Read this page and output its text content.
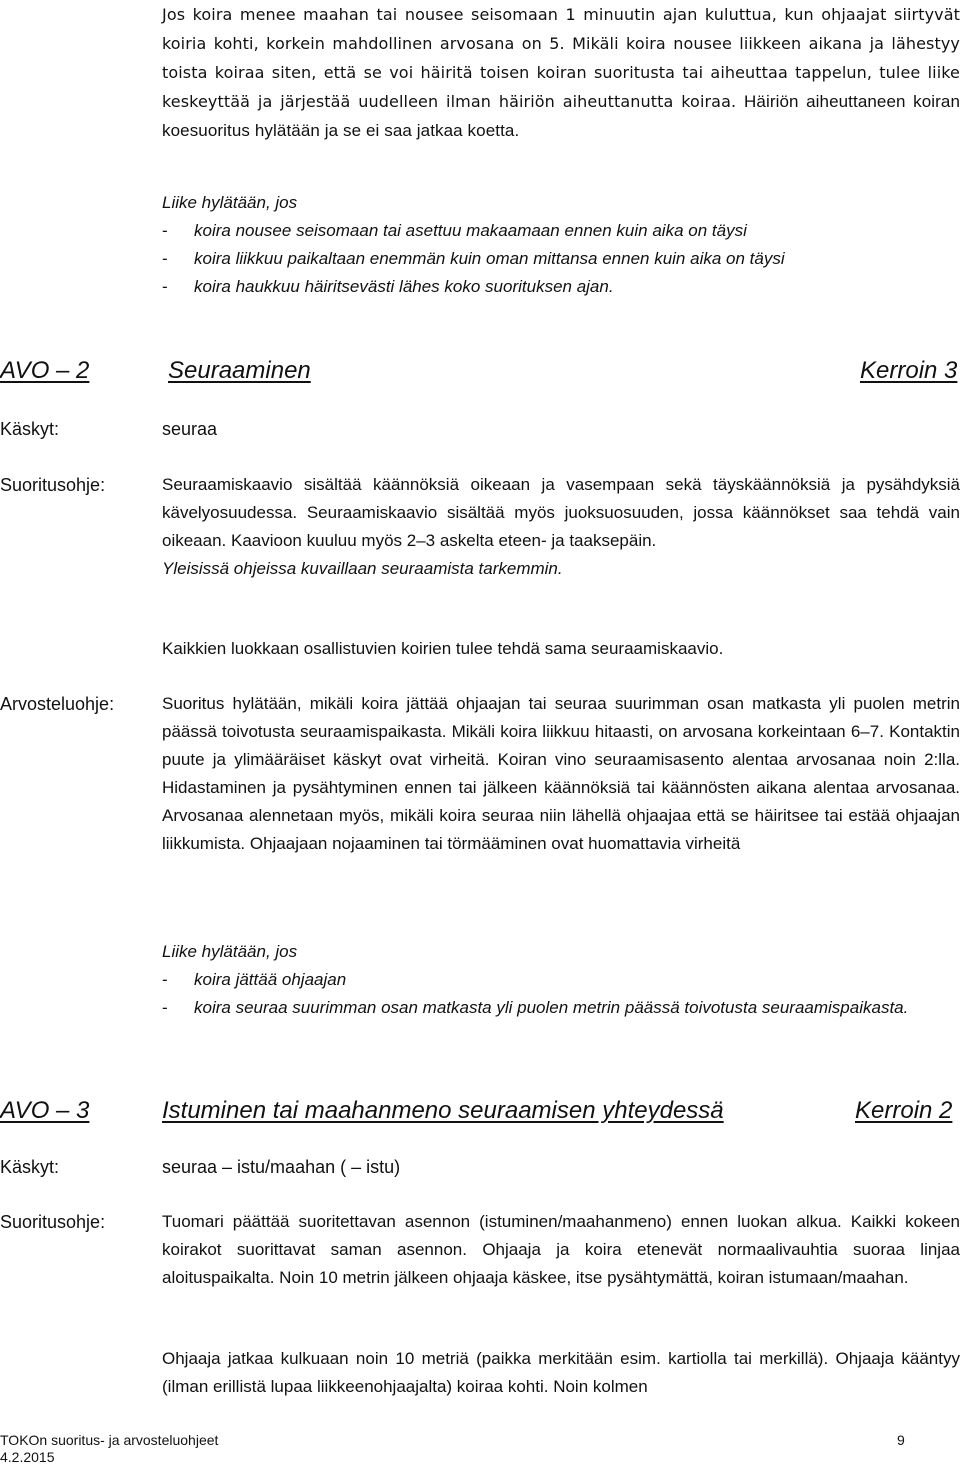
Jos koira menee maahan tai nousee seisomaan 1 minuutin ajan kuluttua, kun ohjaajat siirtyvät koiria kohti, korkein mahdollinen arvosana on 5. Mikäli koira nousee liikkeen aikana ja lähestyy toista koiraa siten, että se voi häiritä toisen koiran suoritusta tai aiheuttaa tappelun, tulee liike keskeyttää ja järjestää uudelleen ilman häiriön aiheuttanutta koiraa. Häiriön aiheuttaneen koiran koesuoritus hylätään ja se ei saa jatkaa koetta.
Liike hylätään, jos
- koira nousee seisomaan tai asettuu makaamaan ennen kuin aika on täysi
- koira liikkuu paikaltaan enemmän kuin oman mittansa ennen kuin aika on täysi
- koira haukkuu häiritsevästi lähes koko suorituksen ajan.
AVO – 2	Seuraaminen	Kerroin 3
Käskyt:	seuraa
Suoritusohje:	Seuraamiskaavio sisältää käännöksiä oikeaan ja vasempaan sekä täyskäännöksiä ja pysähdyksiä kävelyosuudessa. Seuraamiskaavio sisältää myös juoksuosuuden, jossa käännökset saa tehdä vain oikeaan. Kaavioon kuuluu myös 2–3 askelta eteen- ja taaksepäin.
Yleisissä ohjeissa kuvaillaan seuraamista tarkemmin.
Kaikkien luokkaan osallistuvien koirien tulee tehdä sama seuraamiskaavio.
Arvosteluohje:	Suoritus hylätään, mikäli koira jättää ohjaajan tai seuraa suurimman osan matkasta yli puolen metrin päässä toivotusta seuraamispaikasta. Mikäli koira liikkuu hitaasti, on arvosana korkeintaan 6–7. Kontaktin puute ja ylimääräiset käskyt ovat virheitä. Koiran vino seuraamisasento alentaa arvosanaa noin 2:lla. Hidastaminen ja pysähtyminen ennen tai jälkeen käännöksiä tai käännösten aikana alentaa arvosanaa. Arvosanaa alennetaan myös, mikäli koira seuraa niin lähellä ohjaajaa että se häiritsee tai estää ohjaajan liikkumista. Ohjaajaan nojaaminen tai törmääminen ovat huomattavia virheitä
Liike hylätään, jos
- koira jättää ohjaajan
- koira seuraa suurimman osan matkasta yli puolen metrin päässä toivotusta seuraamispaikasta.
AVO – 3	Istuminen tai maahanmeno seuraamisen yhteydessä	Kerroin 2
Käskyt:	seuraa – istu/maahan ( – istu)
Suoritusohje:	Tuomari päättää suoritettavan asennon (istuminen/maahanmeno) ennen luokan alkua. Kaikki kokeen koirakot suorittavat saman asennon. Ohjaaja ja koira etenevät normaalivauhtia suoraa linjaa aloituspaikalta. Noin 10 metrin jälkeen ohjaaja käskee, itse pysähtymättä, koiran istumaan/maahan.
Ohjaaja jatkaa kulkuaan noin 10 metriä (paikka merkitään esim. kartiolla tai merkillä). Ohjaaja kääntyy (ilman erillistä lupaa liikkeenohjaajalta) koiraa kohti. Noin kolmen
TOKOn suoritus- ja arvosteluohjeet
4.2.2015
9
